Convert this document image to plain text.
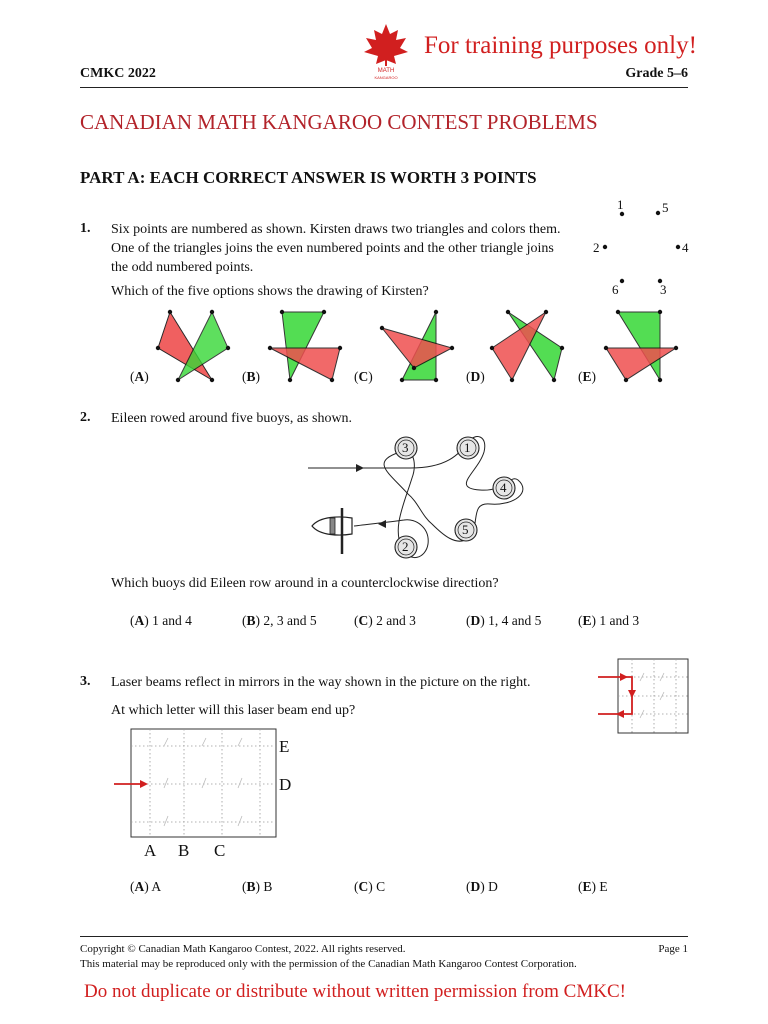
MATH
KANGAROO
For training purposes only!
CMKC 2022	Grade 5–6
CANADIAN MATH KANGAROO CONTEST PROBLEMS
PART A: EACH CORRECT ANSWER IS WORTH 3 POINTS
1. Six points are numbered as shown. Kirsten draws two triangles and colors them. One of the triangles joins the even numbered points and the other triangle joins the odd numbered points.
Which of the five options shows the drawing of Kirsten?
1	5
2	4
6	3
(A)	(B)	(C)	(D)	(E)
2. Eileen rowed around five buoys, as shown.
3	1
4
5
2
Which buoys did Eileen row around in a counterclockwise direction?
(A) 1 and 4	(B) 2, 3 and 5	(C) 2 and 3	(D) 1, 4 and 5	(E) 1 and 3
3. Laser beams reflect in mirrors in the way shown in the picture on the right.
At which letter will this laser beam end up?
E
D
A B C
(A) A	(B) B	(C) C	(D) D	(E) E
Copyright © Canadian Math Kangaroo Contest, 2022. All rights reserved.	Page 1
This material may be reproduced only with the permission of the Canadian Math Kangaroo Contest Corporation.
Do not duplicate or distribute without written permission from CMKC!
